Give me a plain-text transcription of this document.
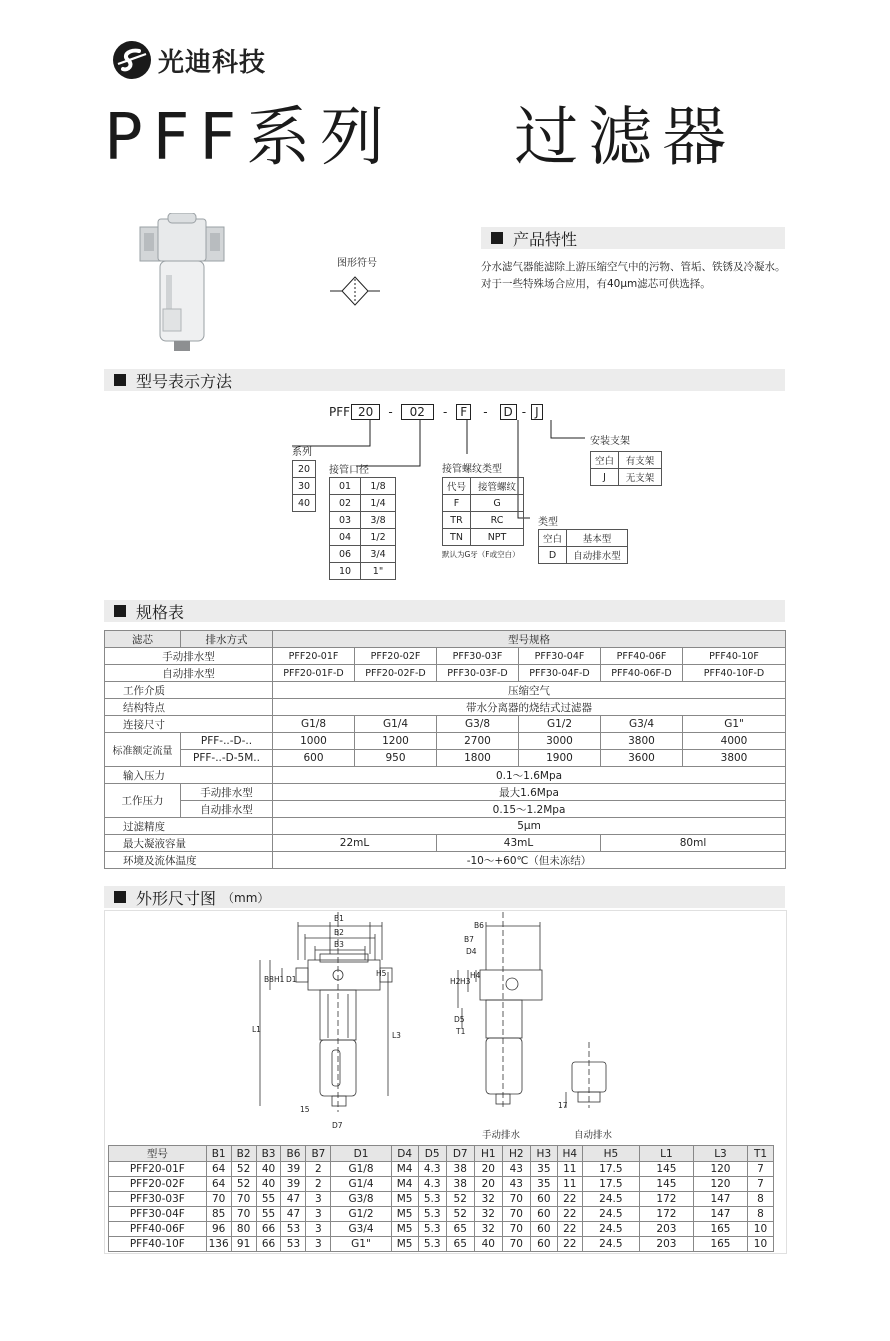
光迪科技
PFF系列 过滤器
图形符号
产品特性
分水滤气器能滤除上游压缩空气中的污物、管垢、铁锈及冷凝水。
对于一些特殊场合应用，有40μm滤芯可供选择。
型号表示方法
PFF 20	-	02	-	F	-	D - J
系列
20
30
40
接管口径
01	1/8
02	1/4
03	3/8
04	1/2
06	3/4
10	1"
接管螺纹类型
代号	接管螺纹
F	G
TR	RC
TN	NPT
默认为G牙（F或空白）
类型
空白	基本型
D	自动排水型
安装支架
空白	有支架
J	无支架
规格表
滤芯	排水方式	型号规格					
手动排水型		PFF20-01F	PFF20-02F	PFF30-03F	PFF30-04F	PFF40-06F	PFF40-10F
自动排水型		PFF20-01F-D	PFF20-02F-D	PFF30-03F-D	PFF30-04F-D	PFF40-06F-D	PFF40-10F-D
工作介质		压缩空气					
结构特点		带水分离器的烧结式过滤器					
连接尺寸		G1/8	G1/4	G3/8	G1/2	G3/4	G1"
标准额定流量	PFF-..-D-..	1000	1200	2700	3000	3800	4000
	PFF-..-D-5M..	600	950	1800	1900	3600	3800
输入压力		0.1～1.6Mpa					
工作压力	手动排水型	最大1.6Mpa					
	自动排水型	0.15～1.2Mpa					
过滤精度		5μm					
最大凝液容量		22mL		43mL		80ml	
环境及流体温度		-10～+60℃（但未冻结）					
外形尺寸图 （mm）
B1
B2
B3
B8 H1
H5
D1
L1
L3
15
D7
B6
B7
D4
H2 H3
H4
D5
T1
17
手动排水	自动排水
型号	B1	B2	B3	B6	B7	D1	D4	D5	D7	H1	H2	H3	H4	H5	L1	L3	T1
PFF20-01F	64	52	40	39	2	G1/8	M4	4.3	38	20	43	35	11	17.5	145	120	7
PFF20-02F	64	52	40	39	2	G1/4	M4	4.3	38	20	43	35	11	17.5	145	120	7
PFF30-03F	70	70	55	47	3	G3/8	M5	5.3	52	32	70	60	22	24.5	172	147	8
PFF30-04F	85	70	55	47	3	G1/2	M5	5.3	52	32	70	60	22	24.5	172	147	8
PFF40-06F	96	80	66	53	3	G3/4	M5	5.3	65	32	70	60	22	24.5	203	165	10
PFF40-10F	136	91	66	53	3	G1"	M5	5.3	65	40	70	60	22	24.5	203	165	10
